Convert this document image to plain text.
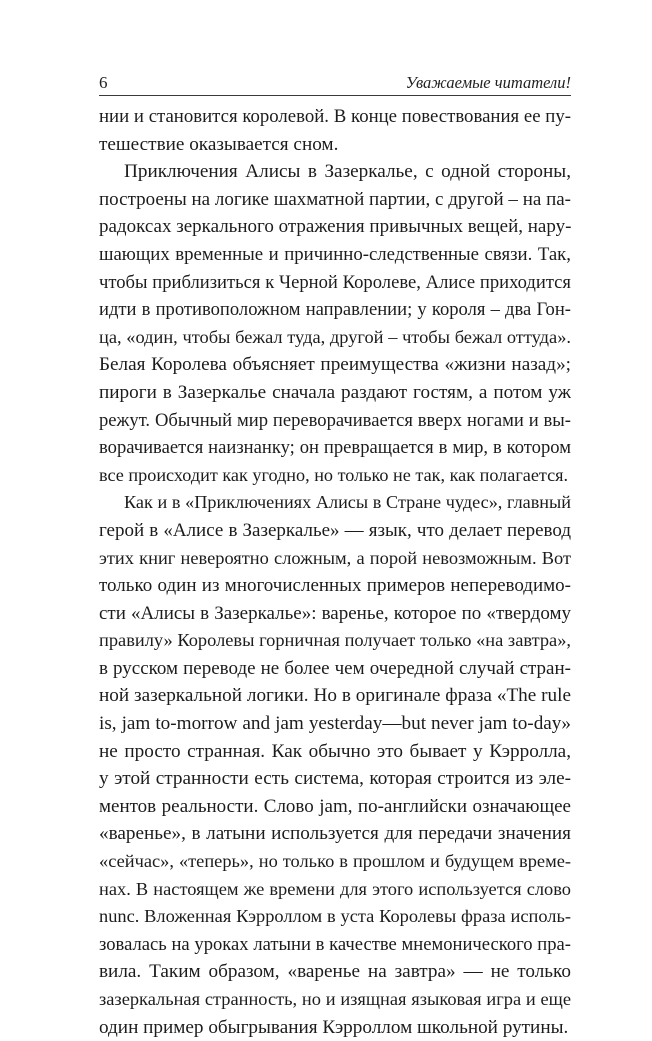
6	Уважаемые читатели!
нии и становится королевой. В конце повествования ее пу-
тешествие оказывается сном.
Приключения Алисы в Зазеркалье, с одной стороны,
построены на логике шахматной партии, с другой – на па-
радоксах зеркального отражения привычных вещей, нару-
шающих временные и причинно-следственные связи. Так,
чтобы приблизиться к Черной Королеве, Алисе приходится
идти в противоположном направлении; у короля – два Гон-
ца, «один, чтобы бежал туда, другой – чтобы бежал оттуда».
Белая Королева объясняет преимущества «жизни назад»;
пироги в Зазеркалье сначала раздают гостям, а потом уж
режут. Обычный мир переворачивается вверх ногами и вы-
ворачивается наизнанку; он превращается в мир, в котором
все происходит как угодно, но только не так, как полагается.
Как и в «Приключениях Алисы в Стране чудес», главный
герой в «Алисе в Зазеркалье» — язык, что делает перевод
этих книг невероятно сложным, а порой невозможным. Вот
только один из многочисленных примеров непереводимо-
сти «Алисы в Зазеркалье»: варенье, которое по «твердому
правилу» Королевы горничная получает только «на завтра»,
в русском переводе не более чем очередной случай стран-
ной зазеркальной логики. Но в оригинале фраза «The rule
is, jam to-morrow and jam yesterday—but never jam to-day»
не просто странная. Как обычно это бывает у Кэрролла,
у этой странности есть система, которая строится из эле-
ментов реальности. Слово jam, по-английски означающее
«варенье», в латыни используется для передачи значения
«сейчас», «теперь», но только в прошлом и будущем време-
нах. В настоящем же времени для этого используется слово
nunc. Вложенная Кэрроллом в уста Королевы фраза исполь-
зовалась на уроках латыни в качестве мнемонического пра-
вила. Таким образом, «варенье на завтра» — не только
зазеркальная странность, но и изящная языковая игра и еще
один пример обыгрывания Кэрроллом школьной рутины.
